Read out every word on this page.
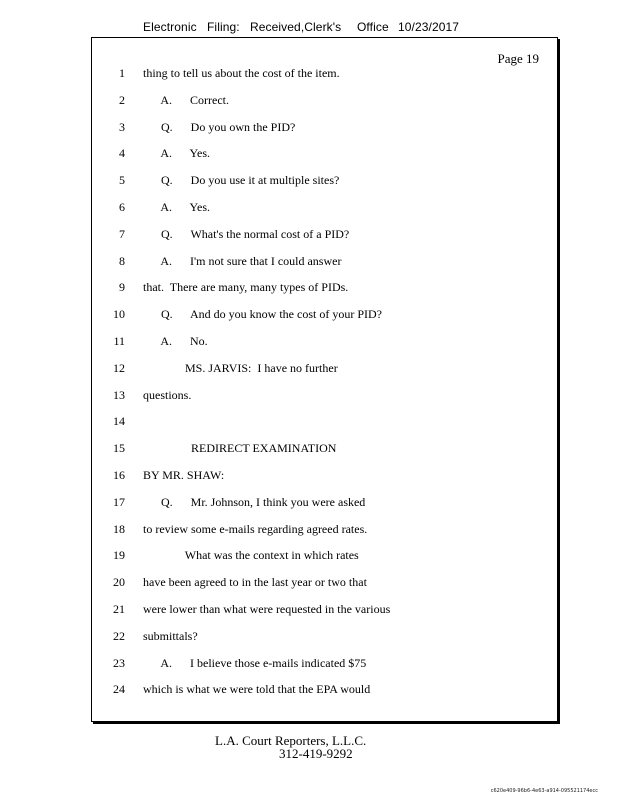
Electronic

Filing:

Received,Clerk's

Office

10/23/2017

Page 19
1 thing to tell us about the cost of the item.
2 A.      Correct.
3 Q.      Do you own the PID?
4 A.      Yes.
5 Q.      Do you use it at multiple sites?
6 A.      Yes.
7 Q.      What's the normal cost of a PID?
8 A.      I'm not sure that I could answer
9 that.  There are many, many types of PIDs.
10 Q.      And do you know the cost of your PID?
11 A.      No.
12 MS. JARVIS:  I have no further
13 questions.
14
15 REDIRECT EXAMINATION
16 BY MR. SHAW:
17 Q.      Mr. Johnson, I think you were asked
18 to review some e-mails regarding agreed rates.
19 What was the context in which rates
20 have been agreed to in the last year or two that
21 were lower than what were requested in the various
22 submittals?
23 A.      I believe those e-mails indicated $75
24 which is what we were told that the EPA would
L.A. Court Reporters, L.L.C.
312-419-9292
c620e409-96b6-4e63-a914-095521174ecc
